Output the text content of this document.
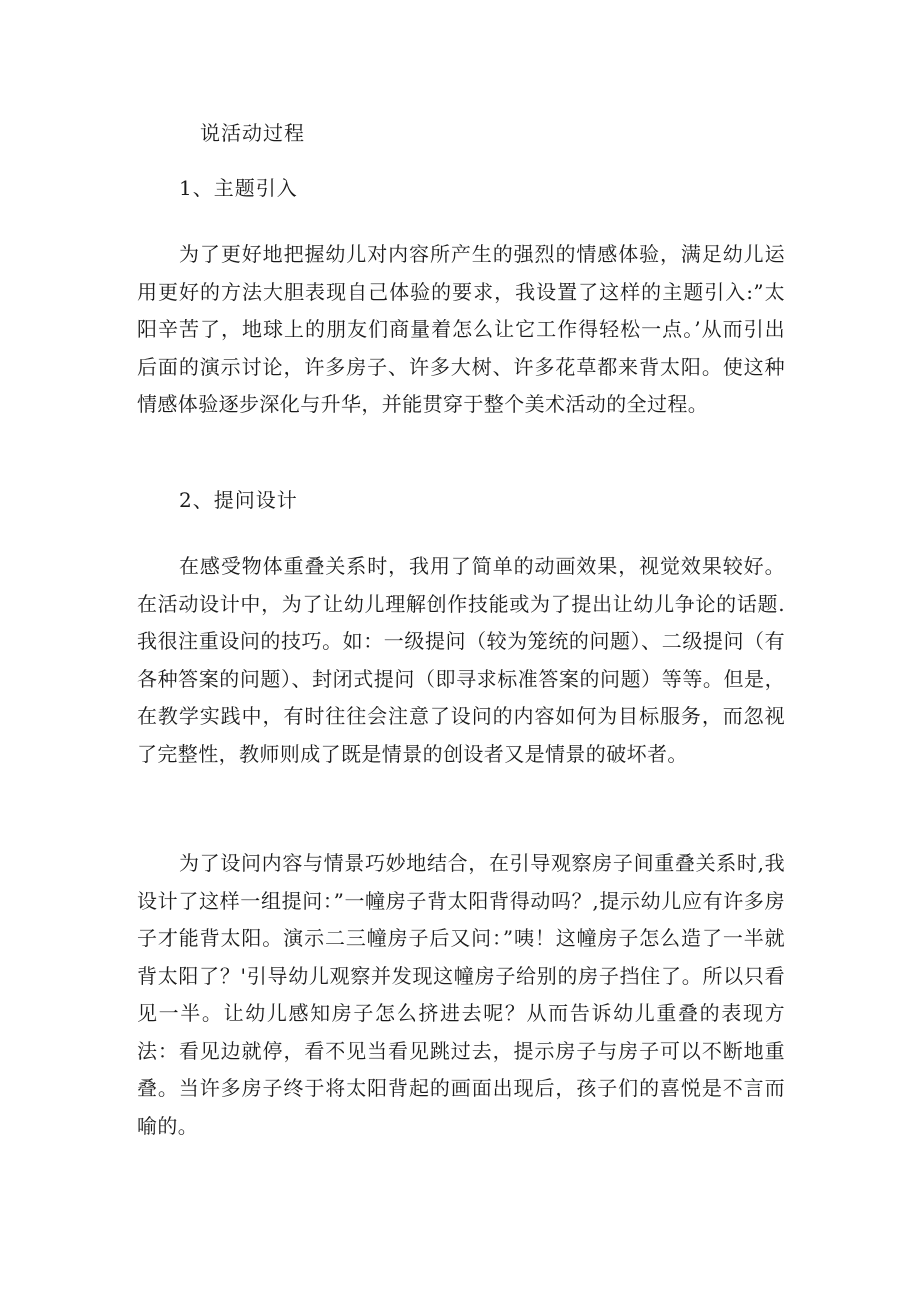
说活动过程
1、主题引入

为了更好地把握幼儿对内容所产生的强烈的情感体验，满足幼儿运用更好的方法大胆表现自己体验的要求，我设置了这样的主题引入:”太阳辛苦了，地球上的朋友们商量着怎么让它工作得轻松一点。’从而引出后面的演示讨论，许多房子、许多大树、许多花草都来背太阳。使这种情感体验逐步深化与升华，并能贯穿于整个美术活动的全过程。

2、提问设计

在感受物体重叠关系时，我用了简单的动画效果，视觉效果较好。在活动设计中，为了让幼儿理解创作技能或为了提出让幼儿争论的话题.我很注重设问的技巧。如：一级提问（较为笼统的问题）、二级提问（有各种答案的问题）、封闭式提问（即寻求标准答案的问题）等等。但是，在教学实践中，有时往往会注意了设问的内容如何为目标服务，而忽视了完整性，教师则成了既是情景的创设者又是情景的破坏者。

为了设问内容与情景巧妙地结合，在引导观察房子间重叠关系时,我设计了这样一组提问：”一幢房子背太阳背得动吗？,提示幼儿应有许多房子才能背太阳。演示二三幢房子后又问：”咦！这幢房子怎么造了一半就背太阳了？'引导幼儿观察并发现这幢房子给别的房子挡住了。所以只看见一半。让幼儿感知房子怎么挤进去呢？从而告诉幼儿重叠的表现方法：看见边就停，看不见当看见跳过去，提示房子与房子可以不断地重叠。当许多房子终于将太阳背起的画面出现后，孩子们的喜悦是不言而喻的。
